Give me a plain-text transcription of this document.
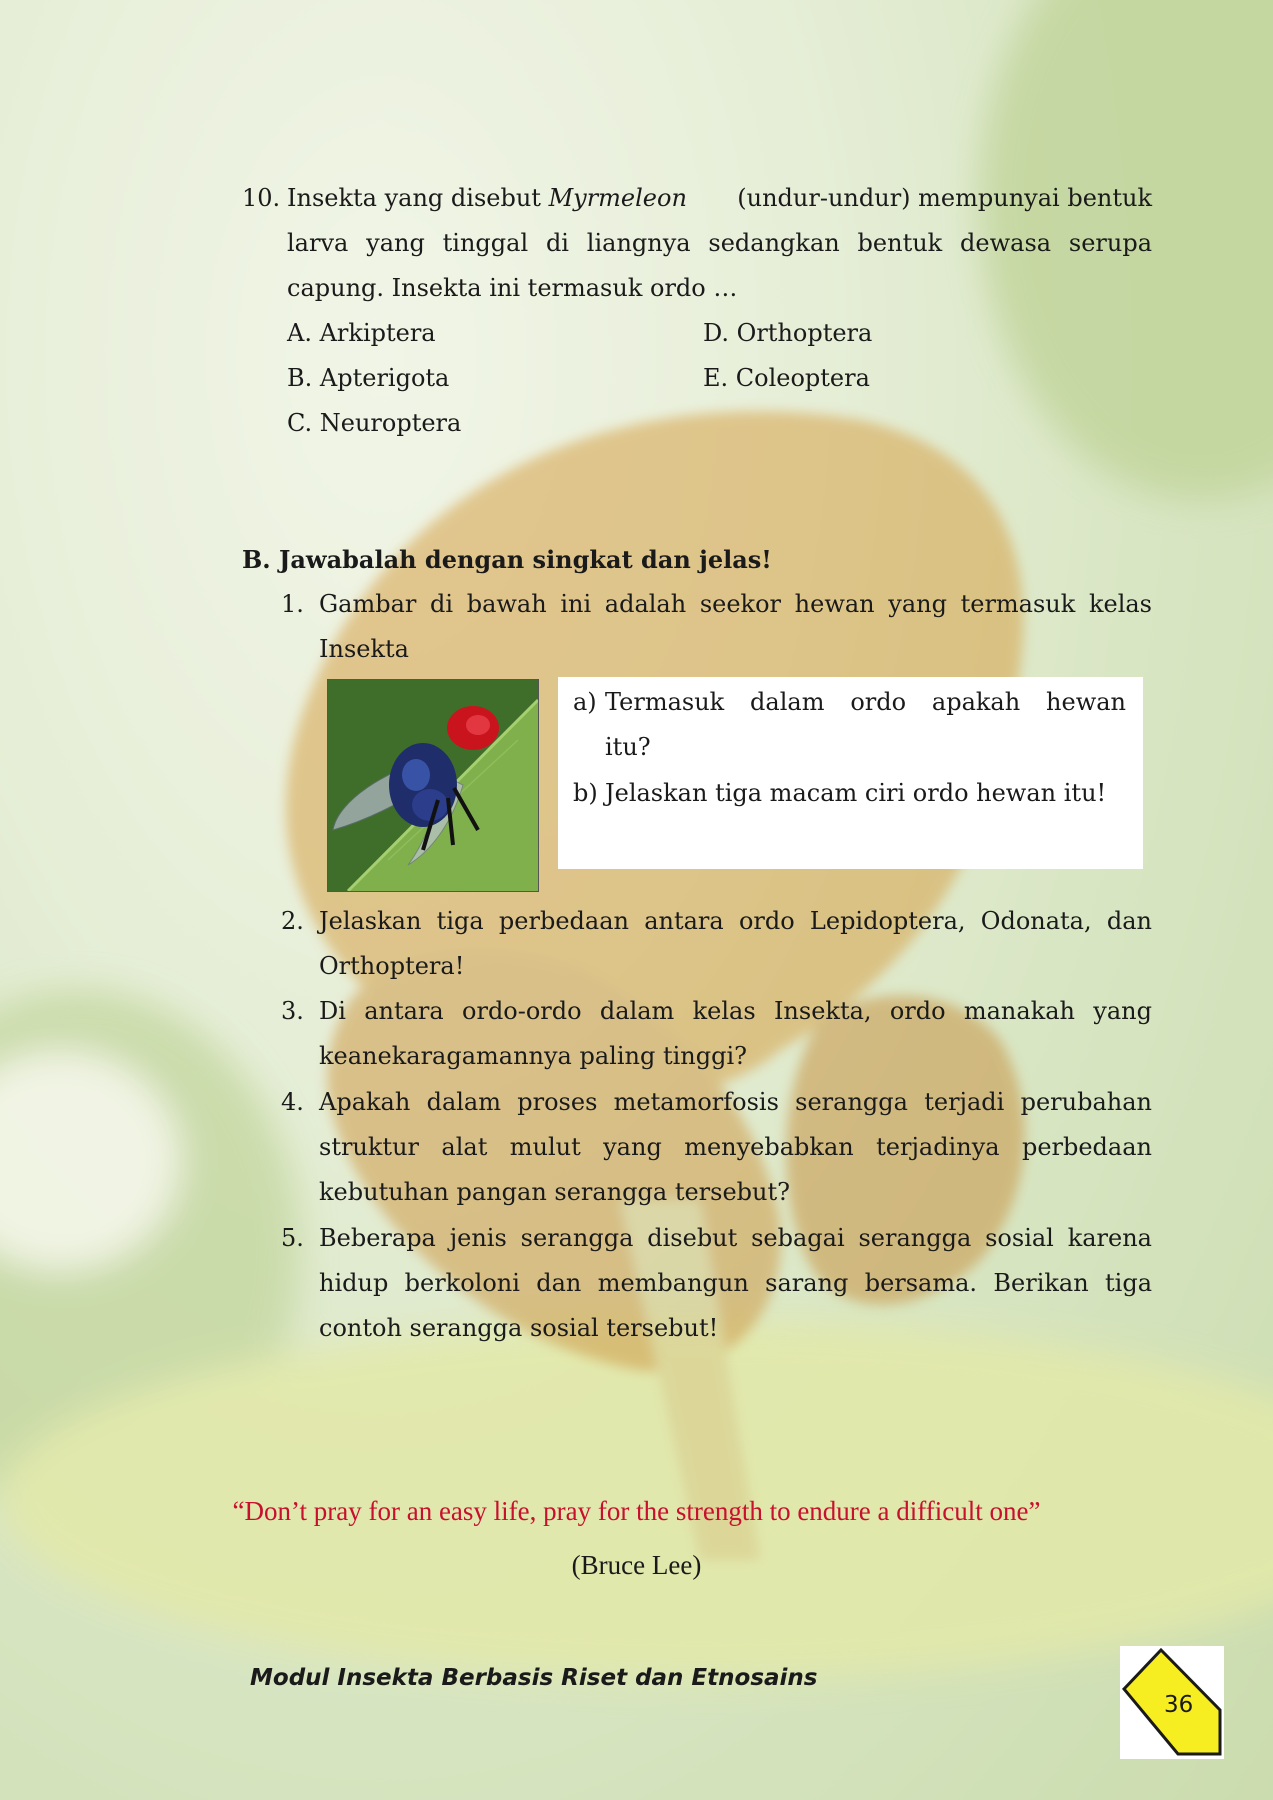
10. Insekta yang disebut Myrmeleon (undur-undur) mempunyai bentuk
larva yang tinggal di liangnya sedangkan bentuk dewasa serupa
capung. Insekta ini termasuk ordo …
A. Arkiptera
B. Apterigota
C. Neuroptera
D. Orthoptera
E. Coleoptera
B. Jawabalah dengan singkat dan jelas!
1. Gambar di bawah ini adalah seekor hewan yang termasuk kelas
Insekta
a) Termasuk dalam ordo apakah hewan
itu?
b) Jelaskan tiga macam ciri ordo hewan itu!
2. Jelaskan tiga perbedaan antara ordo Lepidoptera, Odonata, dan
Orthoptera!
3. Di antara ordo-ordo dalam kelas Insekta, ordo manakah yang
keanekaragamannya paling tinggi?
4. Apakah dalam proses metamorfosis serangga terjadi perubahan
struktur alat mulut yang menyebabkan terjadinya perbedaan
kebutuhan pangan serangga tersebut?
5. Beberapa jenis serangga disebut sebagai serangga sosial karena
hidup berkoloni dan membangun sarang bersama. Berikan tiga
contoh serangga sosial tersebut!
“Don’t pray for an easy life, pray for the strength to endure a difficult one”
(Bruce Lee)
Modul Insekta Berbasis Riset dan Etnosains
36
